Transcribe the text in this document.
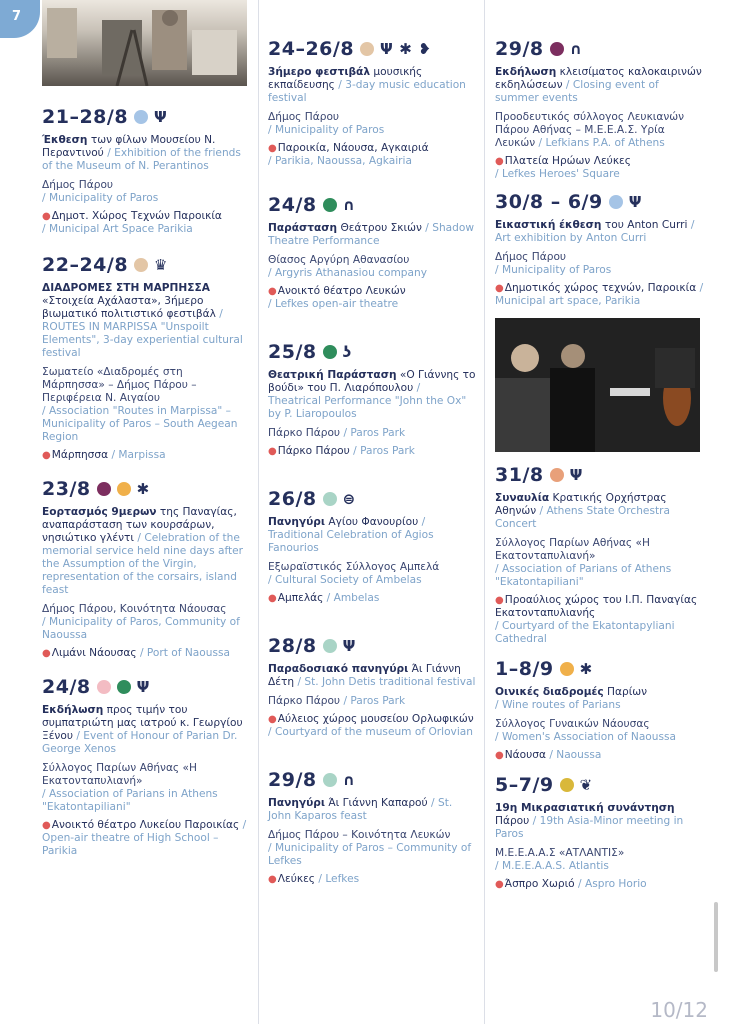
7
21–28/8 Ψ
Έκθεση των φίλων Μουσείου Ν. Περαντινού / Exhibition of the friends of the Museum of N. Perantinos
Δήμος Πάρου
/ Municipality of Paros
●Δημοτ. Χώρος Τεχνών Παροικία
/ Municipal Art Space Parikia
22–24/8 ♛
ΔΙΑΔΡΟΜΕΣ ΣΤΗ ΜΑΡΠΗΣΣΑ «Στοιχεία Αχάλαστα», 3ήμερο βιωματικό πολιτιστικό φεστιβάλ / ROUTES IN MARPISSA "Unspoilt Elements", 3-day experiential cultural festival
Σωματείο «Διαδρομές στη Μάρπησσα» – Δήμος Πάρου – Περιφέρεια Ν. Αιγαίου
/ Association "Routes in Marpissa" – Municipality of Paros – South Aegean Region
●Μάρπησσα / Marpissa
23/8	✱
Εορτασμός 9μερων της Παναγίας, αναπαράσταση των κουρσάρων, νησιώτικο γλέντι / Celebration of the memorial service held nine days after the Assumption of the Virgin, representation of the corsairs, island feast
Δήμος Πάρου, Κοινότητα Νάουσας
/ Municipality of Paros, Community of Naoussa
●Λιμάνι Νάουσας / Port of Naoussa
24/8	Ψ
Εκδήλωση προς τιμήν του συμπατριώτη μας ιατρού κ. Γεωργίου Ξένου / Event of Honour of Parian Dr. George Xenos
Σύλλογος Παρίων Αθήνας «Η Εκατονταπυλιανή»
/ Association of Parians in Athens "Ekatontapiliani"
●Ανοικτό θέατρο Λυκείου Παροικίας / Open-air theatre of High School – Parikia
24–26/8 Ψ ✱ ❥
3ήμερο φεστιβάλ μουσικής εκπαίδευσης / 3-day music education festival
Δήμος Πάρου
/ Municipality of Paros
●Παροικία, Νάουσα, Αγκαιριά
/ Parikia, Naoussa, Agkairia
24/8 ∩
Παράσταση Θεάτρου Σκιών / Shadow Theatre Performance
Θίασος Αργύρη Αθανασίου
/ Argyris Athanasiou company
●Ανοικτό θέατρο Λευκών
/ Lefkes open-air theatre
25/8 ʖ
Θεατρική Παράσταση «Ο Γιάννης το βούδι» του Π. Λιαρόπουλου / Theatrical Performance "John the Ox" by P. Liaropoulos
Πάρκο Πάρου / Paros Park
●Πάρκο Πάρου / Paros Park
26/8 ⊜
Πανηγύρι Αγίου Φανουρίου / Traditional Celebration of Agios Fanourios
Εξωραϊστικός Σύλλογος Αμπελά
/ Cultural Society of Ambelas
●Αμπελάς / Ambelas
28/8 Ψ
Παραδοσιακό πανηγύρι Άι Γιάννη Δέτη / St. John Detis traditional festival
Πάρκο Πάρου / Paros Park
●Αύλειος χώρος μουσείου Ορλωφικών / Courtyard of the museum of Orlovian
29/8 ∩
Πανηγύρι Άι Γιάννη Καπαρού / St. John Kaparos feast
Δήμος Πάρου – Κοινότητα Λευκών
/ Municipality of Paros – Community of Lefkes
●Λεύκες / Lefkes
29/8 ∩
Εκδήλωση κλεισίματος καλοκαιρινών εκδηλώσεων / Closing event of summer events
Προοδευτικός σύλλογος Λευκιανών Πάρου Αθήνας – Μ.Ε.Ε.Α.Σ. Υρία Λευκών / Lefkians P.A. of Athens
●Πλατεία Ηρώων Λεύκες
/ Lefkes Heroes' Square
30/8 – 6/9 Ψ
Εικαστική έκθεση του Anton Curri / Art exhibition by Anton Curri
Δήμος Πάρου
/ Municipality of Paros
●Δημοτικός χώρος τεχνών, Παροικία / Municipal art space, Parikia
31/8 Ψ
Συναυλία Κρατικής Ορχήστρας Αθηνών / Athens State Orchestra Concert
Σύλλογος Παρίων Αθήνας «Η Εκατονταπυλιανή»
/ Association of Parians of Athens "Ekatontapiliani"
●Προαύλιος χώρος του Ι.Π. Παναγίας Εκατονταπυλιανής
/ Courtyard of the Ekatontapyliani Cathedral
1–8/9 ✱
Οινικές διαδρομές Παρίων
/ Wine routes of Parians
Σύλλογος Γυναικών Νάουσας
/ Women's Association of Naoussa
●Νάουσα / Naoussa
5–7/9 ❦
19η Μικρασιατική συνάντηση Πάρου / 19th Asia-Minor meeting in Paros
Μ.Ε.Ε.Α.Α.Σ «ΑΤΛΑΝΤΙΣ»
/ M.E.E.A.A.S. Atlantis
●Άσπρο Χωριό / Aspro Horio
10/12
